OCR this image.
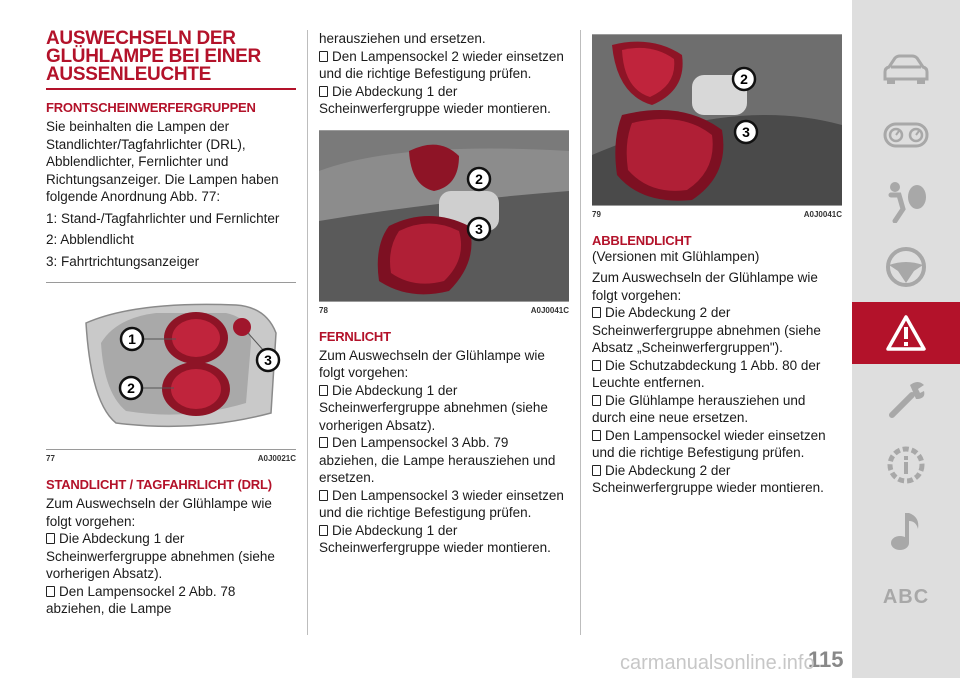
AUSWECHSELN DER
GLÜHLAMPE BEI EINER
AUSSENLEUCHTE
FRONTSCHEINWERFERGRUPPEN

Sie beinhalten die Lampen der Standlichter/Tagfahrlichter (DRL), Abblendlichter, Fernlichter und Richtungsanzeiger. Die Lampen haben folgende Anordnung Abb. 77:

1: Stand-/Tagfahrlichter und Fernlichter

2: Abblendlicht

3: Fahrtrichtungsanzeiger

1
2
3
77	A0J0021C
STANDLICHT / TAGFAHRLICHT (DRL)

Zum Auswechseln der Glühlampe wie folgt vorgehen:

Die Abdeckung 1 der Scheinwerfergruppe abnehmen (siehe vorherigen Absatz).

Den Lampensockel 2 Abb. 78 abziehen, die Lampe

herausziehen und ersetzen.

Den Lampensockel 2 wieder einsetzen und die richtige Befestigung prüfen.

Die Abdeckung 1 der Scheinwerfergruppe wieder montieren.

2
3
78	A0J0041C
FERNLICHT

Zum Auswechseln der Glühlampe wie folgt vorgehen:

Die Abdeckung 1 der Scheinwerfergruppe abnehmen (siehe vorherigen Absatz).

Den Lampensockel 3 Abb. 79 abziehen, die Lampe herausziehen und ersetzen.

Den Lampensockel 3 wieder einsetzen und die richtige Befestigung prüfen.

Die Abdeckung 1 der Scheinwerfergruppe wieder montieren.

2
3
79	A0J0041C
ABBLENDLICHT

(Versionen mit Glühlampen)

Zum Auswechseln der Glühlampe wie folgt vorgehen:

Die Abdeckung 2 der Scheinwerfergruppe abnehmen (siehe Absatz „Scheinwerfergruppen").

Die Schutzabdeckung 1 Abb. 80 der Leuchte entfernen.

Die Glühlampe herausziehen und durch eine neue ersetzen.

Den Lampensockel wieder einsetzen und die richtige Befestigung prüfen.

Die Abdeckung 2 der Scheinwerfergruppe wieder montieren.

ABC
115
carmanualsonline.info
